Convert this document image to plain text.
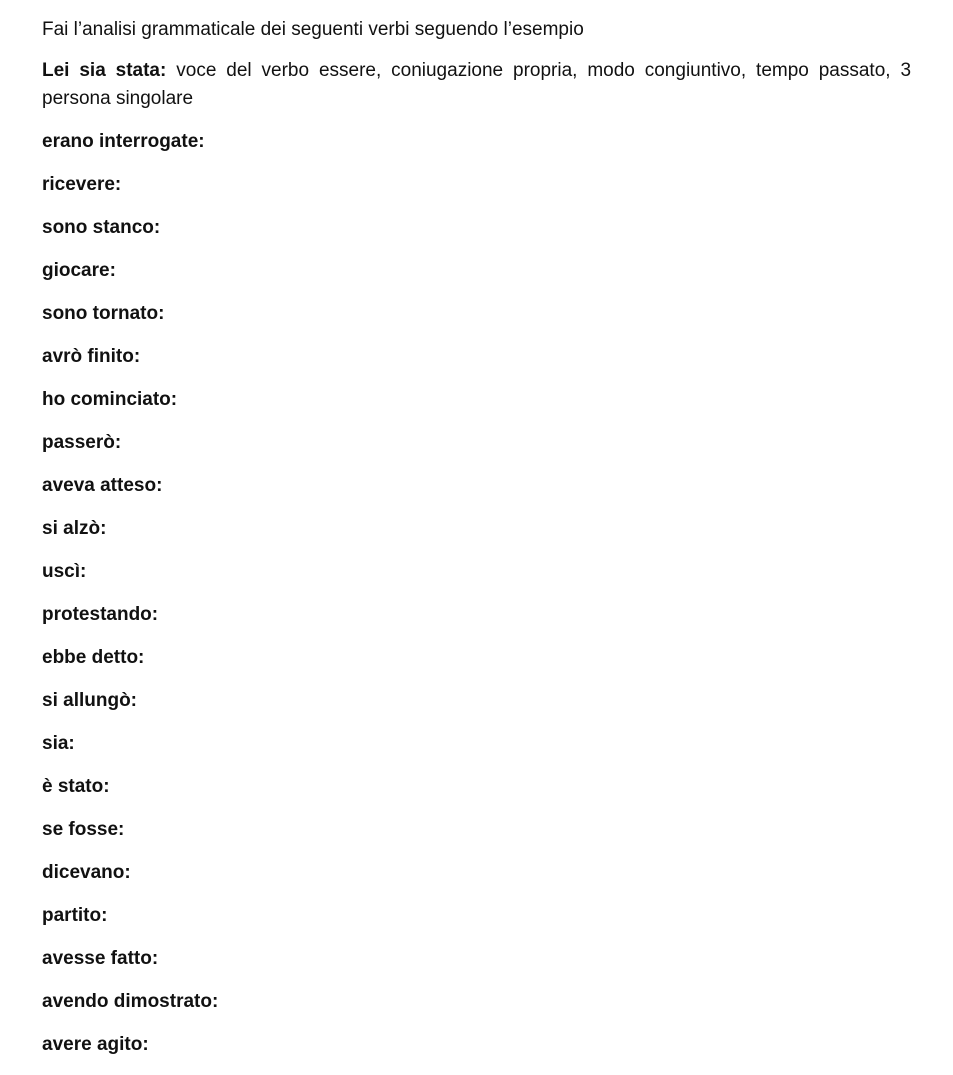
Fai l’analisi grammaticale dei seguenti verbi seguendo l’esempio

Lei sia stata: voce del verbo essere, coniugazione propria, modo congiuntivo, tempo passato, 3 persona singolare

erano interrogate:
ricevere:
sono stanco:
giocare:
sono tornato:
avrò finito:
ho cominciato:
passerò:
aveva atteso:
si alzò:
uscì:
protestando:
ebbe detto:
si allungò:
sia:
è stato:
se fosse:
dicevano:
partito:
avesse fatto:
avendo dimostrato:
avere agito:
